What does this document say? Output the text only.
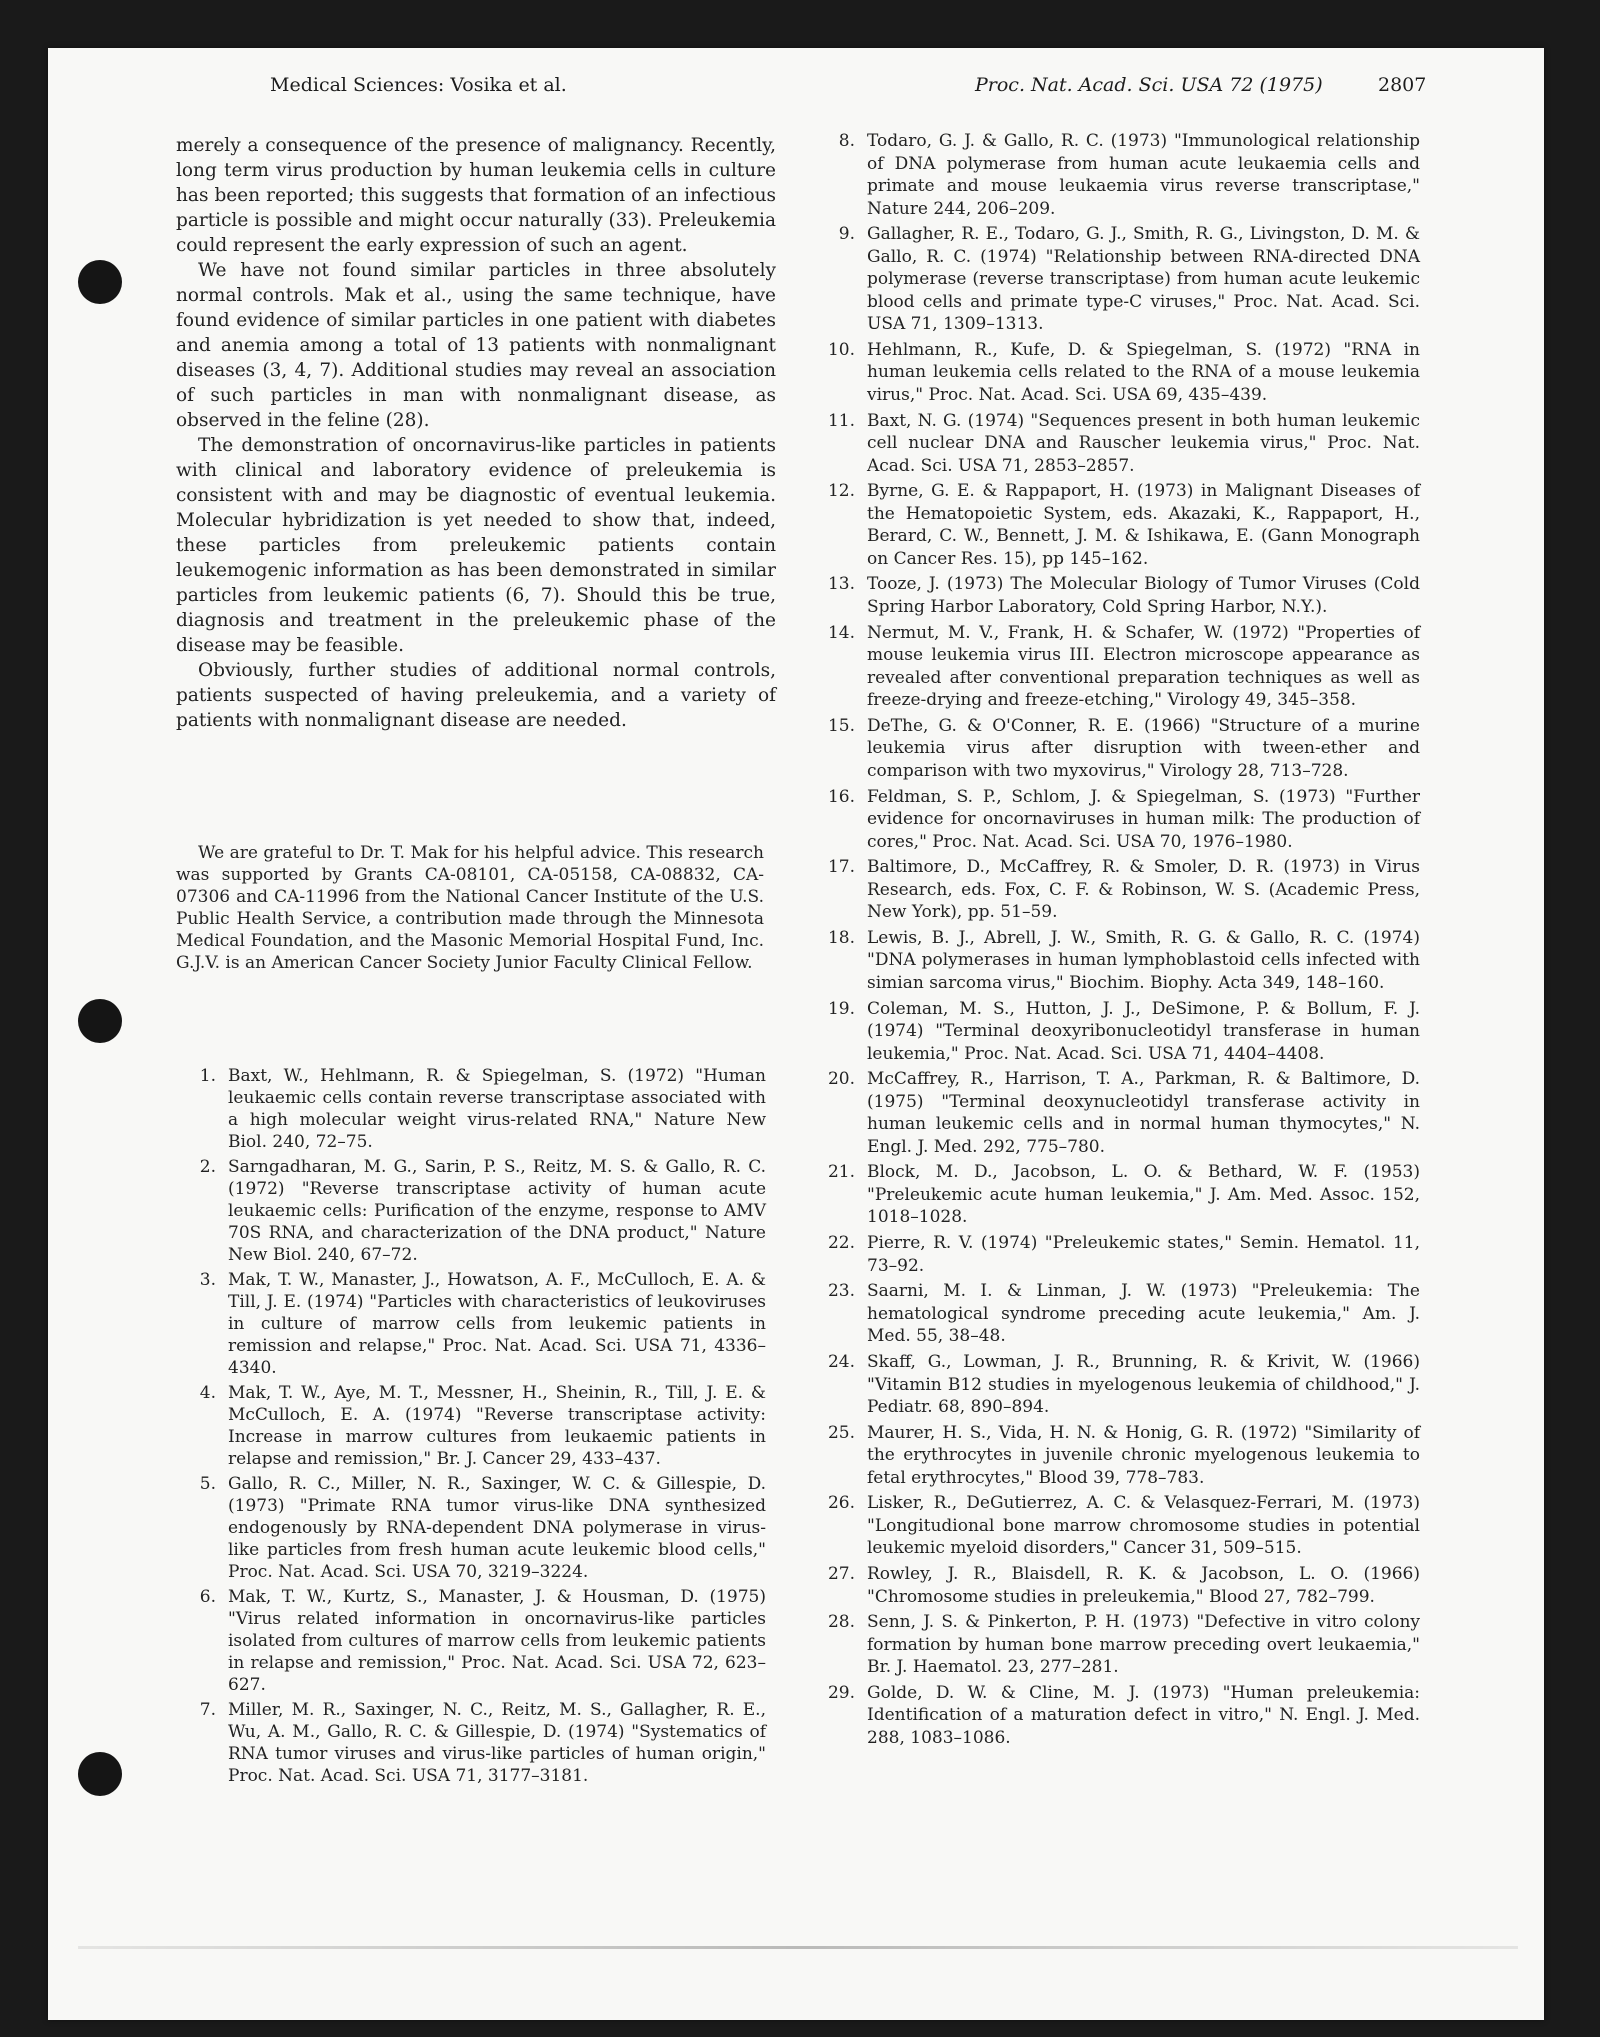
Medical Sciences: Vosika et al.	Proc. Nat. Acad. Sci. USA 72 (1975)	2807

merely a consequence of the presence of malignancy. Recently, long term virus production by human leukemia cells in culture has been reported; this suggests that formation of an infectious particle is possible and might occur naturally (33). Preleukemia could represent the early expression of such an agent.

We have not found similar particles in three absolutely normal controls. Mak et al., using the same technique, have found evidence of similar particles in one patient with diabetes and anemia among a total of 13 patients with nonmalignant diseases (3, 4, 7). Additional studies may reveal an association of such particles in man with nonmalignant disease, as observed in the feline (28).

The demonstration of oncornavirus-like particles in patients with clinical and laboratory evidence of preleukemia is consistent with and may be diagnostic of eventual leukemia. Molecular hybridization is yet needed to show that, indeed, these particles from preleukemic patients contain leukemogenic information as has been demonstrated in similar particles from leukemic patients (6, 7). Should this be true, diagnosis and treatment in the preleukemic phase of the disease may be feasible.

Obviously, further studies of additional normal controls, patients suspected of having preleukemia, and a variety of patients with nonmalignant disease are needed.

We are grateful to Dr. T. Mak for his helpful advice. This research was supported by Grants CA-08101, CA-05158, CA-08832, CA-07306 and CA-11996 from the National Cancer Institute of the U.S. Public Health Service, a contribution made through the Minnesota Medical Foundation, and the Masonic Memorial Hospital Fund, Inc. G.J.V. is an American Cancer Society Junior Faculty Clinical Fellow.

1. Baxt, W., Hehlmann, R. & Spiegelman, S. (1972) "Human leukaemic cells contain reverse transcriptase associated with a high molecular weight virus-related RNA," Nature New Biol. 240, 72–75.
2. Sarngadharan, M. G., Sarin, P. S., Reitz, M. S. & Gallo, R. C. (1972) "Reverse transcriptase activity of human acute leukaemic cells: Purification of the enzyme, response to AMV 70S RNA, and characterization of the DNA product," Nature New Biol. 240, 67–72.
3. Mak, T. W., Manaster, J., Howatson, A. F., McCulloch, E. A. & Till, J. E. (1974) "Particles with characteristics of leukoviruses in culture of marrow cells from leukemic patients in remission and relapse," Proc. Nat. Acad. Sci. USA 71, 4336–4340.
4. Mak, T. W., Aye, M. T., Messner, H., Sheinin, R., Till, J. E. & McCulloch, E. A. (1974) "Reverse transcriptase activity: Increase in marrow cultures from leukaemic patients in relapse and remission," Br. J. Cancer 29, 433–437.
5. Gallo, R. C., Miller, N. R., Saxinger, W. C. & Gillespie, D. (1973) "Primate RNA tumor virus-like DNA synthesized endogenously by RNA-dependent DNA polymerase in virus-like particles from fresh human acute leukemic blood cells," Proc. Nat. Acad. Sci. USA 70, 3219–3224.
6. Mak, T. W., Kurtz, S., Manaster, J. & Housman, D. (1975) "Virus related information in oncornavirus-like particles isolated from cultures of marrow cells from leukemic patients in relapse and remission," Proc. Nat. Acad. Sci. USA 72, 623–627.
7. Miller, M. R., Saxinger, N. C., Reitz, M. S., Gallagher, R. E., Wu, A. M., Gallo, R. C. & Gillespie, D. (1974) "Systematics of RNA tumor viruses and virus-like particles of human origin," Proc. Nat. Acad. Sci. USA 71, 3177–3181.
8. Todaro, G. J. & Gallo, R. C. (1973) "Immunological relationship of DNA polymerase from human acute leukaemia cells and primate and mouse leukaemia virus reverse transcriptase," Nature 244, 206–209.
9. Gallagher, R. E., Todaro, G. J., Smith, R. G., Livingston, D. M. & Gallo, R. C. (1974) "Relationship between RNA-directed DNA polymerase (reverse transcriptase) from human acute leukemic blood cells and primate type-C viruses," Proc. Nat. Acad. Sci. USA 71, 1309–1313.
10. Hehlmann, R., Kufe, D. & Spiegelman, S. (1972) "RNA in human leukemia cells related to the RNA of a mouse leukemia virus," Proc. Nat. Acad. Sci. USA 69, 435–439.
11. Baxt, N. G. (1974) "Sequences present in both human leukemic cell nuclear DNA and Rauscher leukemia virus," Proc. Nat. Acad. Sci. USA 71, 2853–2857.
12. Byrne, G. E. & Rappaport, H. (1973) in Malignant Diseases of the Hematopoietic System, eds. Akazaki, K., Rappaport, H., Berard, C. W., Bennett, J. M. & Ishikawa, E. (Gann Monograph on Cancer Res. 15), pp 145–162.
13. Tooze, J. (1973) The Molecular Biology of Tumor Viruses (Cold Spring Harbor Laboratory, Cold Spring Harbor, N.Y.).
14. Nermut, M. V., Frank, H. & Schafer, W. (1972) "Properties of mouse leukemia virus III. Electron microscope appearance as revealed after conventional preparation techniques as well as freeze-drying and freeze-etching," Virology 49, 345–358.
15. DeThe, G. & O'Conner, R. E. (1966) "Structure of a murine leukemia virus after disruption with tween-ether and comparison with two myxovirus," Virology 28, 713–728.
16. Feldman, S. P., Schlom, J. & Spiegelman, S. (1973) "Further evidence for oncornaviruses in human milk: The production of cores," Proc. Nat. Acad. Sci. USA 70, 1976–1980.
17. Baltimore, D., McCaffrey, R. & Smoler, D. R. (1973) in Virus Research, eds. Fox, C. F. & Robinson, W. S. (Academic Press, New York), pp. 51–59.
18. Lewis, B. J., Abrell, J. W., Smith, R. G. & Gallo, R. C. (1974) "DNA polymerases in human lymphoblastoid cells infected with simian sarcoma virus," Biochim. Biophy. Acta 349, 148–160.
19. Coleman, M. S., Hutton, J. J., DeSimone, P. & Bollum, F. J. (1974) "Terminal deoxyribonucleotidyl transferase in human leukemia," Proc. Nat. Acad. Sci. USA 71, 4404–4408.
20. McCaffrey, R., Harrison, T. A., Parkman, R. & Baltimore, D. (1975) "Terminal deoxynucleotidyl transferase activity in human leukemic cells and in normal human thymocytes," N. Engl. J. Med. 292, 775–780.
21. Block, M. D., Jacobson, L. O. & Bethard, W. F. (1953) "Preleukemic acute human leukemia," J. Am. Med. Assoc. 152, 1018–1028.
22. Pierre, R. V. (1974) "Preleukemic states," Semin. Hematol. 11, 73–92.
23. Saarni, M. I. & Linman, J. W. (1973) "Preleukemia: The hematological syndrome preceding acute leukemia," Am. J. Med. 55, 38–48.
24. Skaff, G., Lowman, J. R., Brunning, R. & Krivit, W. (1966) "Vitamin B12 studies in myelogenous leukemia of childhood," J. Pediatr. 68, 890–894.
25. Maurer, H. S., Vida, H. N. & Honig, G. R. (1972) "Similarity of the erythrocytes in juvenile chronic myelogenous leukemia to fetal erythrocytes," Blood 39, 778–783.
26. Lisker, R., DeGutierrez, A. C. & Velasquez-Ferrari, M. (1973) "Longitudional bone marrow chromosome studies in potential leukemic myeloid disorders," Cancer 31, 509–515.
27. Rowley, J. R., Blaisdell, R. K. & Jacobson, L. O. (1966) "Chromosome studies in preleukemia," Blood 27, 782–799.
28. Senn, J. S. & Pinkerton, P. H. (1973) "Defective in vitro colony formation by human bone marrow preceding overt leukaemia," Br. J. Haematol. 23, 277–281.
29. Golde, D. W. & Cline, M. J. (1973) "Human preleukemia: Identification of a maturation defect in vitro," N. Engl. J. Med. 288, 1083–1086.
